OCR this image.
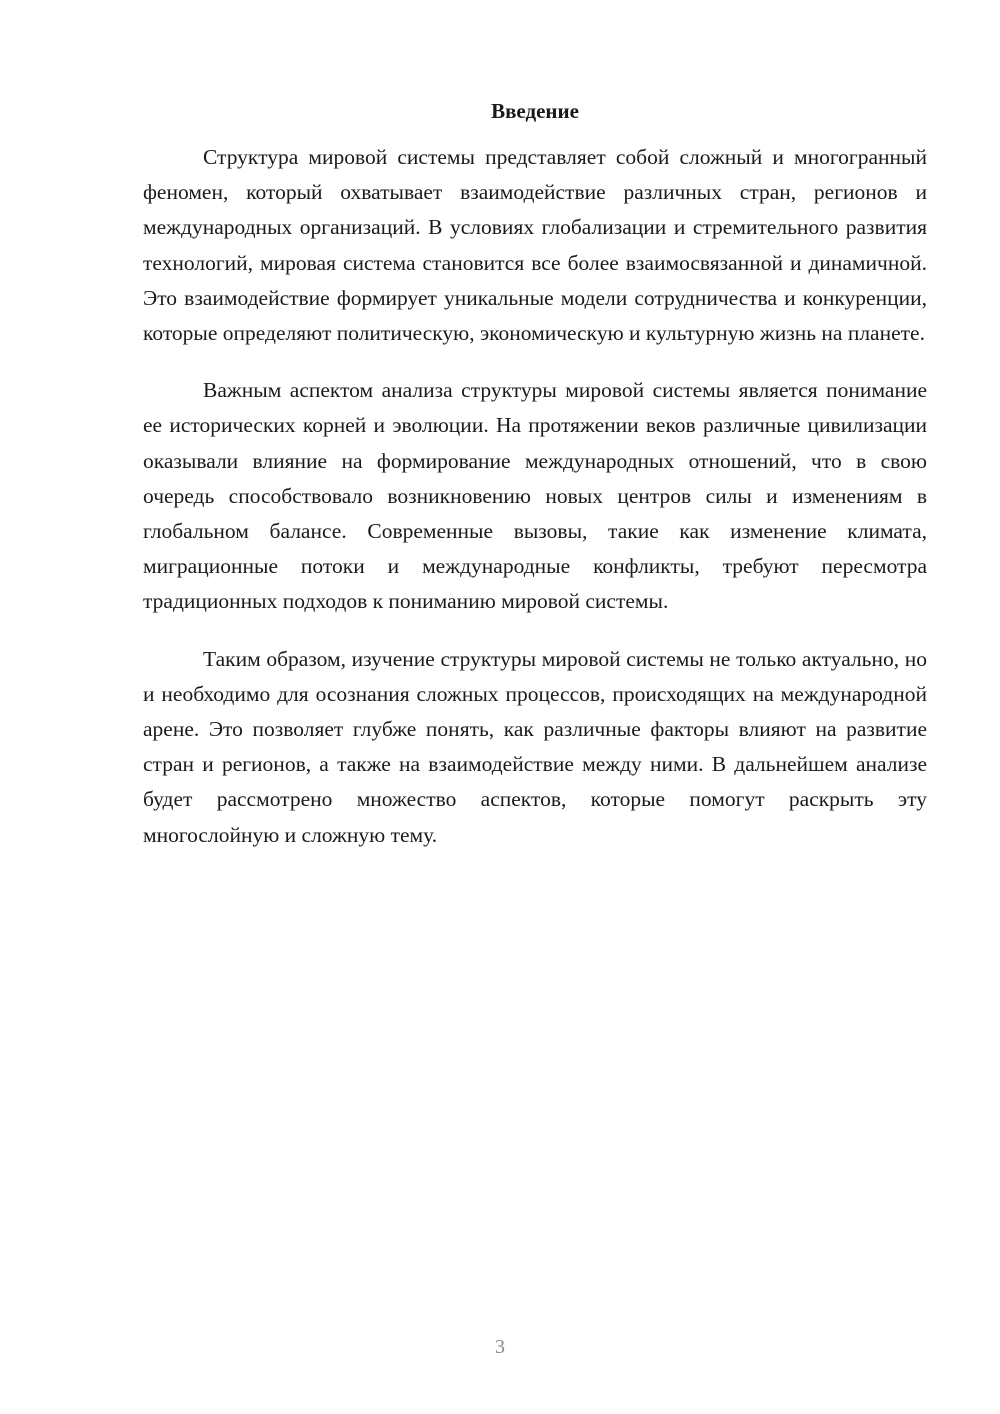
Введение

Структура мировой системы представляет собой сложный и многогранный феномен, который охватывает взаимодействие различных стран, регионов и международных организаций. В условиях глобализации и стремительного развития технологий, мировая система становится все более взаимосвязанной и динамичной. Это взаимодействие формирует уникальные модели сотрудничества и конкуренции, которые определяют политическую, экономическую и культурную жизнь на планете.

Важным аспектом анализа структуры мировой системы является понимание ее исторических корней и эволюции. На протяжении веков различные цивилизации оказывали влияние на формирование международных отношений, что в свою очередь способствовало возникновению новых центров силы и изменениям в глобальном балансе. Современные вызовы, такие как изменение климата, миграционные потоки и международные конфликты, требуют пересмотра традиционных подходов к пониманию мировой системы.

Таким образом, изучение структуры мировой системы не только актуально, но и необходимо для осознания сложных процессов, происходящих на международной арене. Это позволяет глубже понять, как различные факторы влияют на развитие стран и регионов, а также на взаимодействие между ними. В дальнейшем анализе будет рассмотрено множество аспектов, которые помогут раскрыть эту многослойную и сложную тему.

3
